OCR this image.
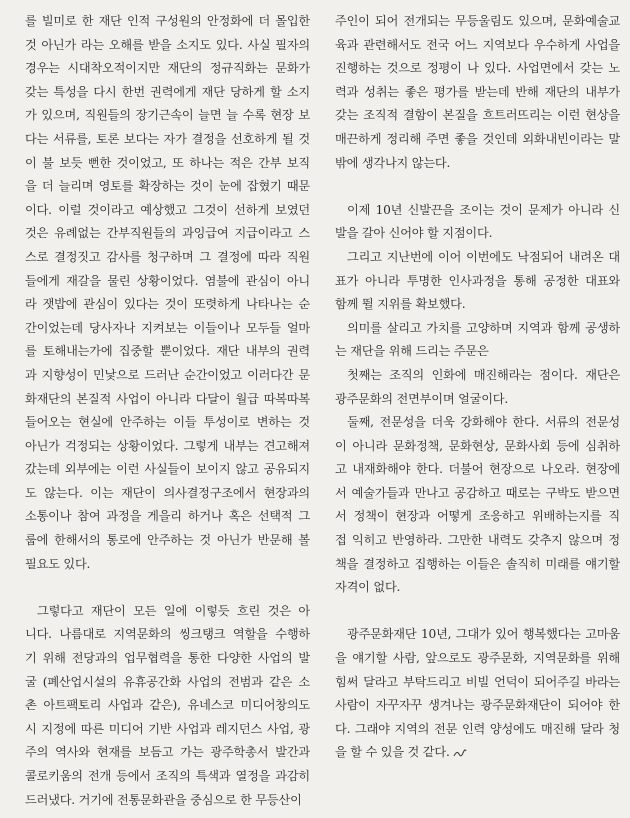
를 빌미로 한 재단 인적 구성원의 안정화에 더 몰입한
것 아닌가 라는 오해를 받을 소지도 있다. 사실 필자의
경우는 시대착오적이지만 재단의 정규직화는 문화가
갖는 특성을 다시 한번 권력에게 재단 당하게 할 소지
가 있으며, 직원들의 장기근속이 늘면 늘 수록 현장 보
다는 서류를, 토론 보다는 자가 결정을 선호하게 될 것
이 불 보듯 뻔한 것이었고, 또 하나는 적은 간부 보직
을 더 늘리며 영토를 확장하는 것이 눈에 잡혔기 때문
이다. 이럴 것이라고 예상했고 그것이 선하게 보였던
것은 유례없는 간부직원들의 과잉급여 지급이라고 스
스로 결정짓고 감사를 청구하며 그 결정에 따라 직원
들에게 재갈을 물린 상황이었다. 염불에 관심이 아니
라 잿밥에 관심이 있다는 것이 또렷하게 나타나는 순
간이었는데 당사자나 지켜보는 이들이나 모두들 얼마
를 토해내는가에 집중할 뿐이었다. 재단 내부의 권력
과 지향성이 민낯으로 드러난 순간이었고 이러다간 문
화재단의 본질적 사업이 아니라 다달이 월급 따복따복
들어오는 현실에 안주하는 이들 투성이로 변하는 것
아닌가 걱정되는 상황이었다. 그렇게 내부는 견고해져
갔는데 외부에는 이런 사실들이 보이지 않고 공유되지
도 않는다. 이는 재단이 의사결정구조에서 현장과의
소통이나 참여 과정을 게을리 하거나 혹은 선택적 그
룹에 한해서의 통로에 안주하는 것 아닌가 반문해 볼
필요도 있다.
그렇다고 재단이 모든 일에 이렇듯 흐린 것은 아
니다. 나름대로 지역문화의 씽크탱크 역할을 수행하
기 위해 전당과의 업무협력을 통한 다양한 사업의 발
굴 (폐산업시설의 유휴공간화 사업의 전범과 같은 소
촌 아트팩토리 사업과 같은), 유네스코 미디어창의도
시 지정에 따른 미디어 기반 사업과 레지던스 사업, 광
주의 역사와 현재를 보듬고 가는 광주학총서 발간과
콜로키움의 전개 등에서 조직의 특색과 열정을 과감히
드러냈다. 거기에 전통문화관을 중심으로 한 무등산이
주인이 되어 전개되는 무등울림도 있으며, 문화예술교
육과 관련해서도 전국 어느 지역보다 우수하게 사업을
진행하는 것으로 정평이 나 있다. 사업면에서 갖는 노
력과 성취는 좋은 평가를 받는데 반해 재단의 내부가
갖는 조직적 결함이 본질을 흐트러뜨리는 이런 현상을
매끈하게 정리해 주면 좋을 것인데 외화내빈이라는 말
밖에 생각나지 않는다.
이제 10년 신발끈을 조이는 것이 문제가 아니라 신
발을 갈아 신어야 할 지점이다.
그리고 지난번에 이어 이번에도 낙점되어 내려온 대
표가 아니라 투명한 인사과정을 통해 공정한 대표와
함께 뛸 지위를 확보했다.
의미를 살리고 가치를 고양하며 지역과 함께 공생하
는 재단을 위해 드리는 주문은
첫째는 조직의 인화에 매진해라는 점이다. 재단은
광주문화의 전면부이며 얼굴이다.
둘째, 전문성을 더욱 강화해야 한다. 서류의 전문성
이 아니라 문화정책, 문화현상, 문화사회 등에 심취하
고 내재화해야 한다. 더불어 현장으로 나오라. 현장에
서 예술가들과 만나고 공감하고 때로는 구박도 받으면
서 정책이 현장과 어떻게 조응하고 위배하는지를 직
접 익히고 반영하라. 그만한 내력도 갖추지 않으며 정
책을 결정하고 집행하는 이들은 솔직히 미래를 얘기할
자격이 없다.
광주문화재단 10년, 그대가 있어 행복했다는 고마움
을 얘기할 사람, 앞으로도 광주문화, 지역문화를 위해
힘써 달라고 부탁드리고 비빌 언덕이 되어주길 바라는
사람이 자꾸자꾸 생겨나는 광주문화재단이 되어야 한
다. 그래야 지역의 전문 인력 양성에도 매진해 달라 청
을 할 수 있을 것 같다.
